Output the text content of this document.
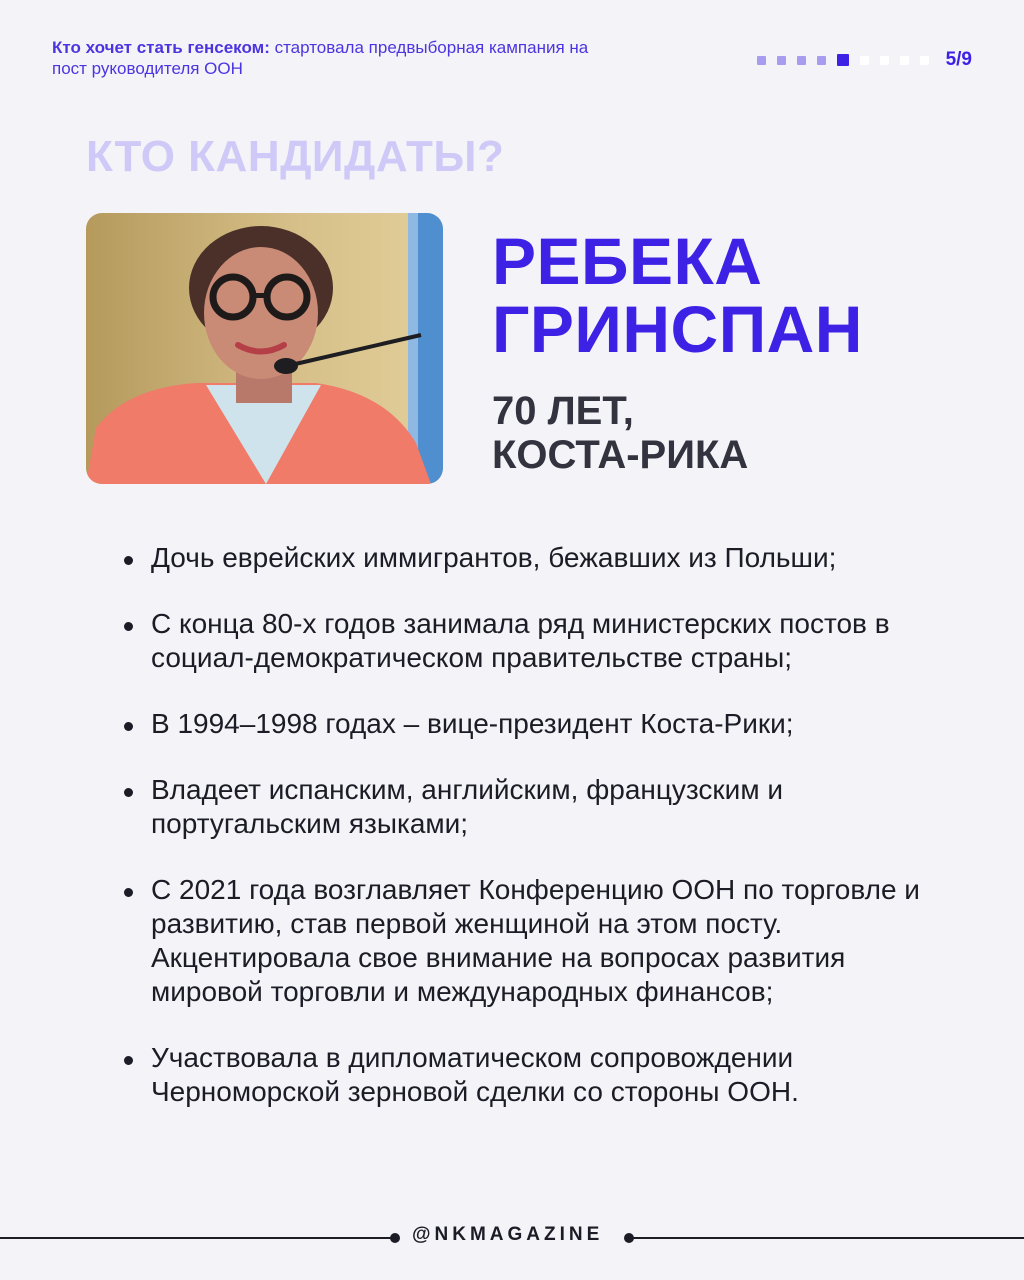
Кто хочет стать генсеком: стартовала предвыборная кампания на пост руководителя ООН	5/9
КТО КАНДИДАТЫ?
РЕБЕКА
ГРИНСПАН
70 ЛЕТ,
КОСТА-РИКА
Дочь еврейских иммигрантов, бежавших из Польши;
С конца 80-х годов занимала ряд министерских постов в социал-демократическом правительстве страны;
В 1994–1998 годах – вице-президент Коста-Рики;
Владеет испанским, английским, французским и португальским языками;
С 2021 года возглавляет Конференцию ООН по торговле и развитию, став первой женщиной на этом посту. Акцентировала свое внимание на вопросах развития мировой торговли и международных финансов;
Участвовала в дипломатическом сопровождении Черноморской зерновой сделки со стороны ООН.
@NKMAGAZINE
